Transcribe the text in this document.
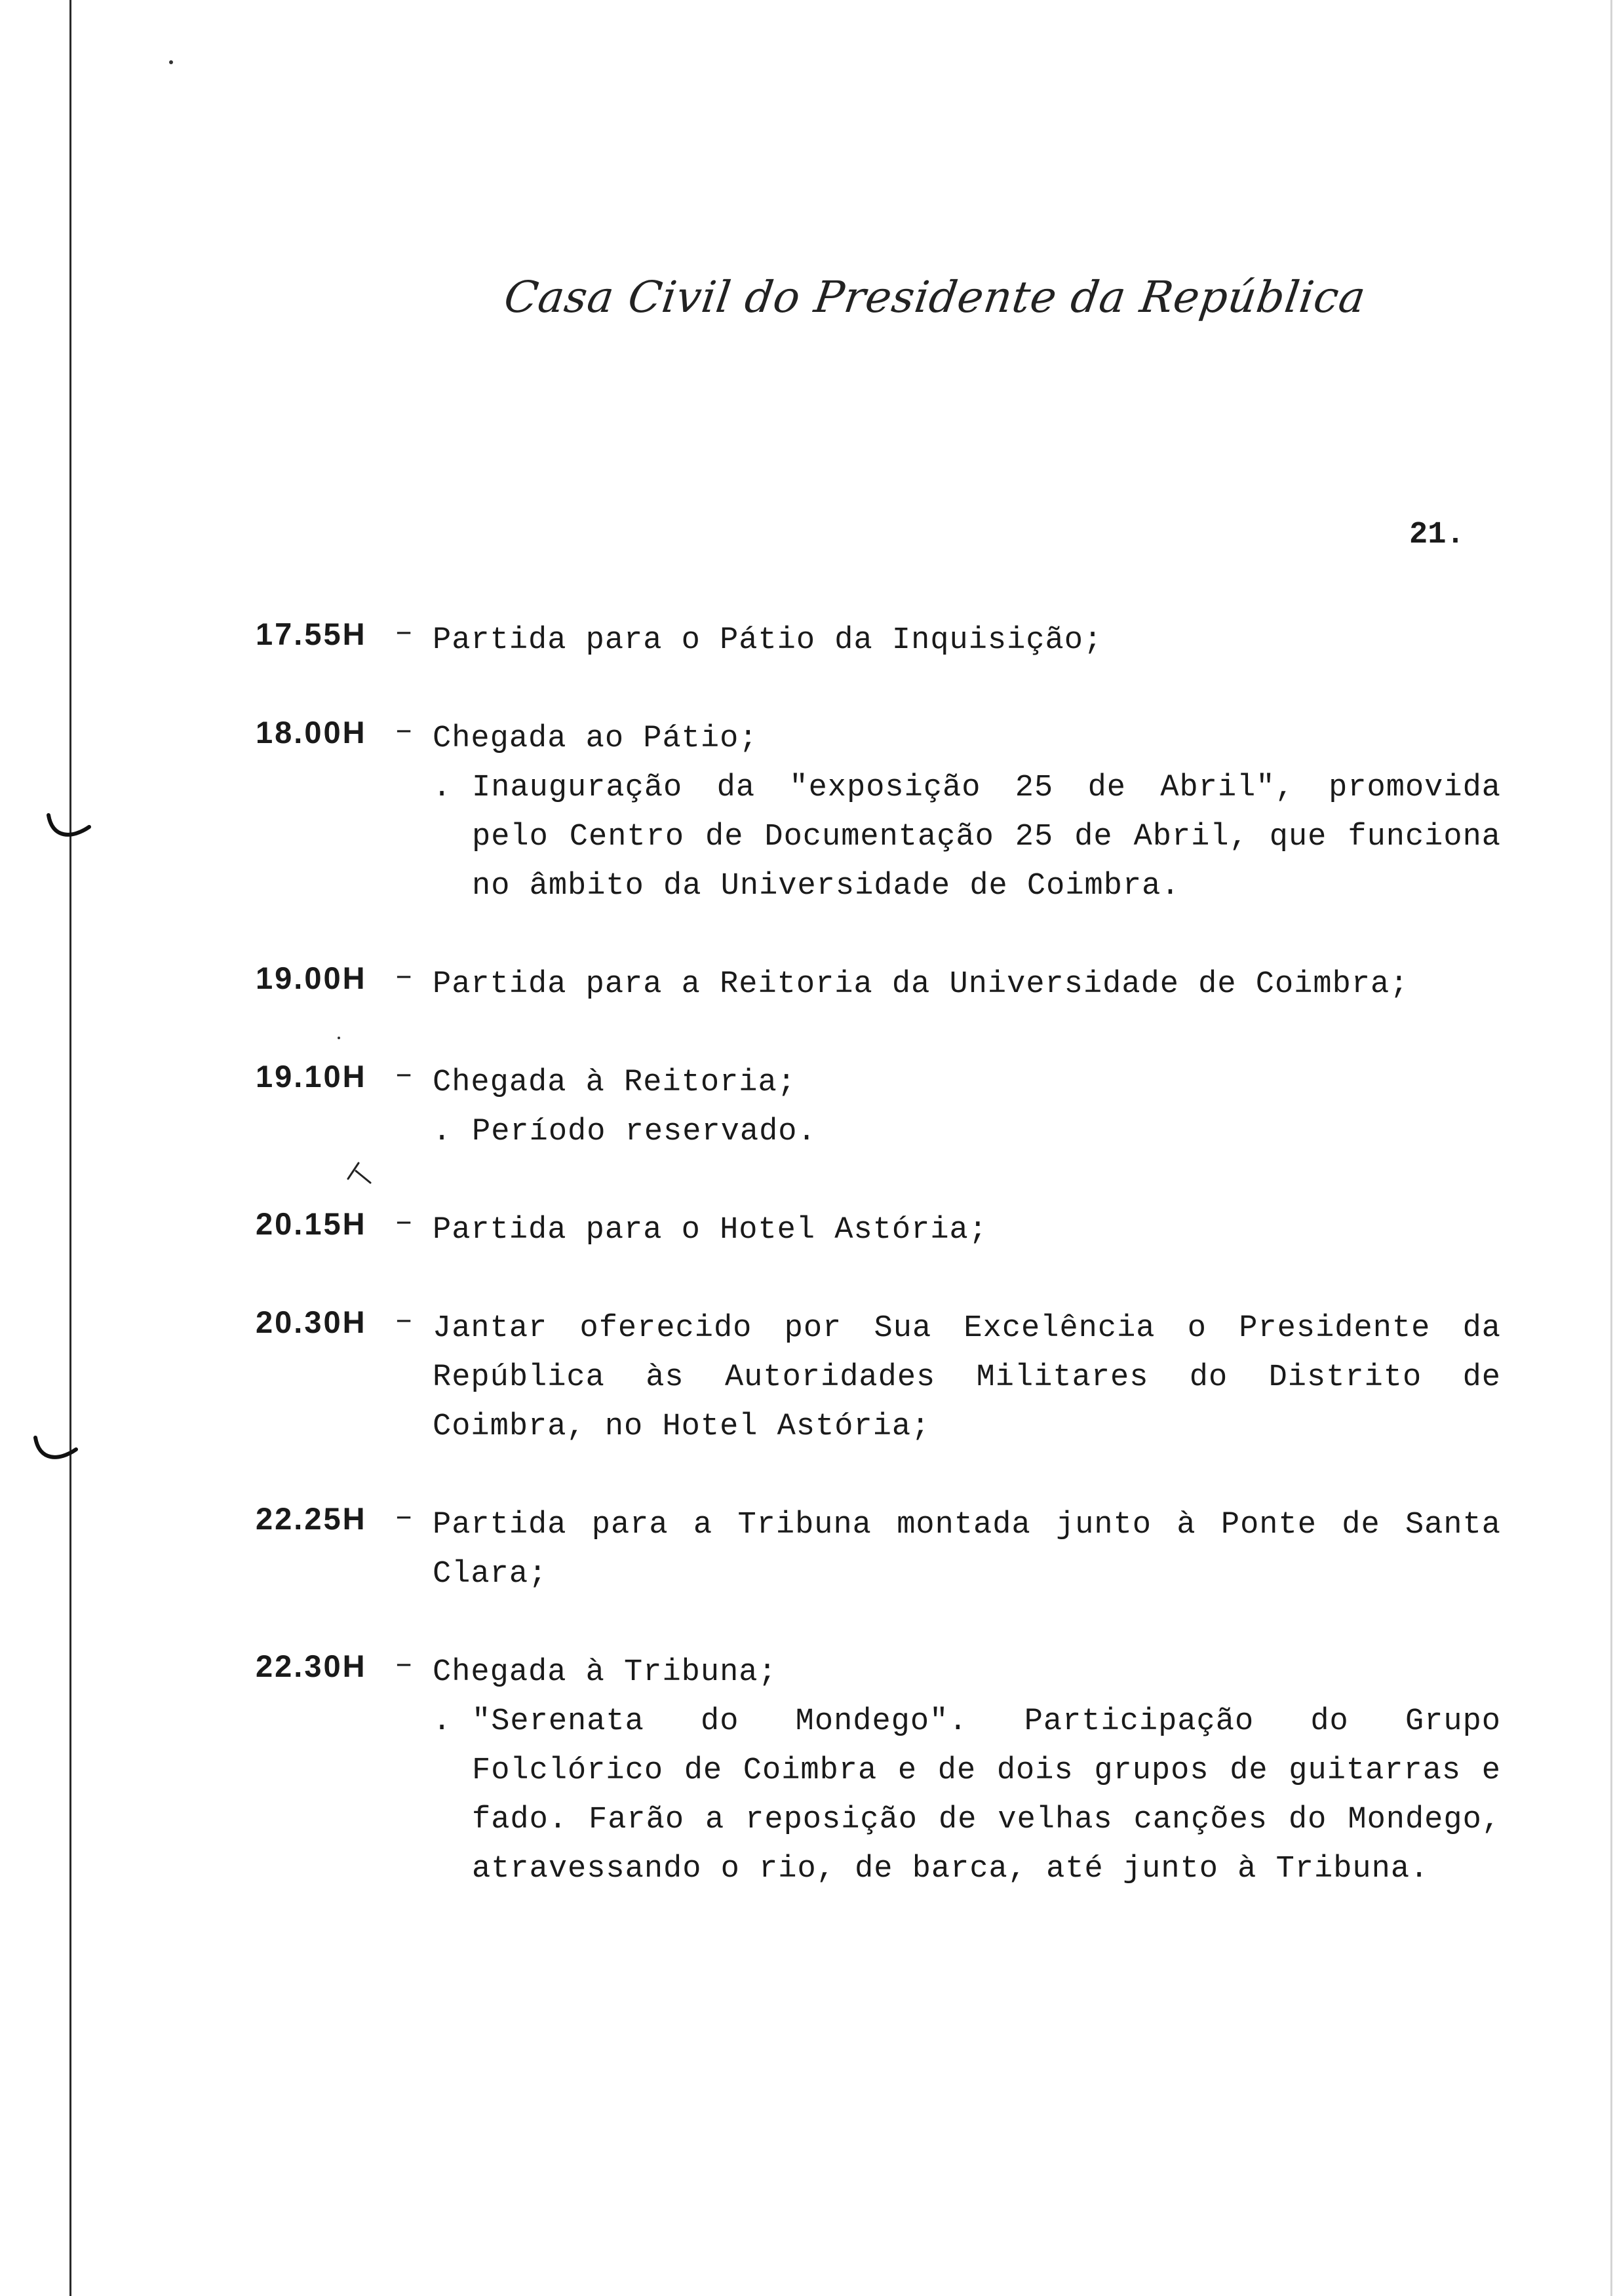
Casa Civil do Presidente da República
21.
17.55H – Partida para o Pátio da Inquisição;
18.00H – Chegada ao Pátio;
. Inauguração da "exposição 25 de Abril", promovida pelo Centro de Documentação 25 de Abril, que funciona no âmbito da Universidade de Coimbra.
19.00H – Partida para a Reitoria da Universidade de Coimbra;
19.10H – Chegada à Reitoria;
. Período reservado.
20.15H – Partida para o Hotel Astória;
20.30H – Jantar oferecido por Sua Excelência o Presidente da República às Autoridades Militares do Distrito de Coimbra, no Hotel Astória;
22.25H – Partida para a Tribuna montada junto à Ponte de Santa Clara;
22.30H – Chegada à Tribuna;
. "Serenata do Mondego". Participação do Grupo Folclórico de Coimbra e de dois grupos de guitarras e fado. Farão a reposição de velhas canções do Mondego, atravessando o rio, de barca, até junto à Tribuna.
